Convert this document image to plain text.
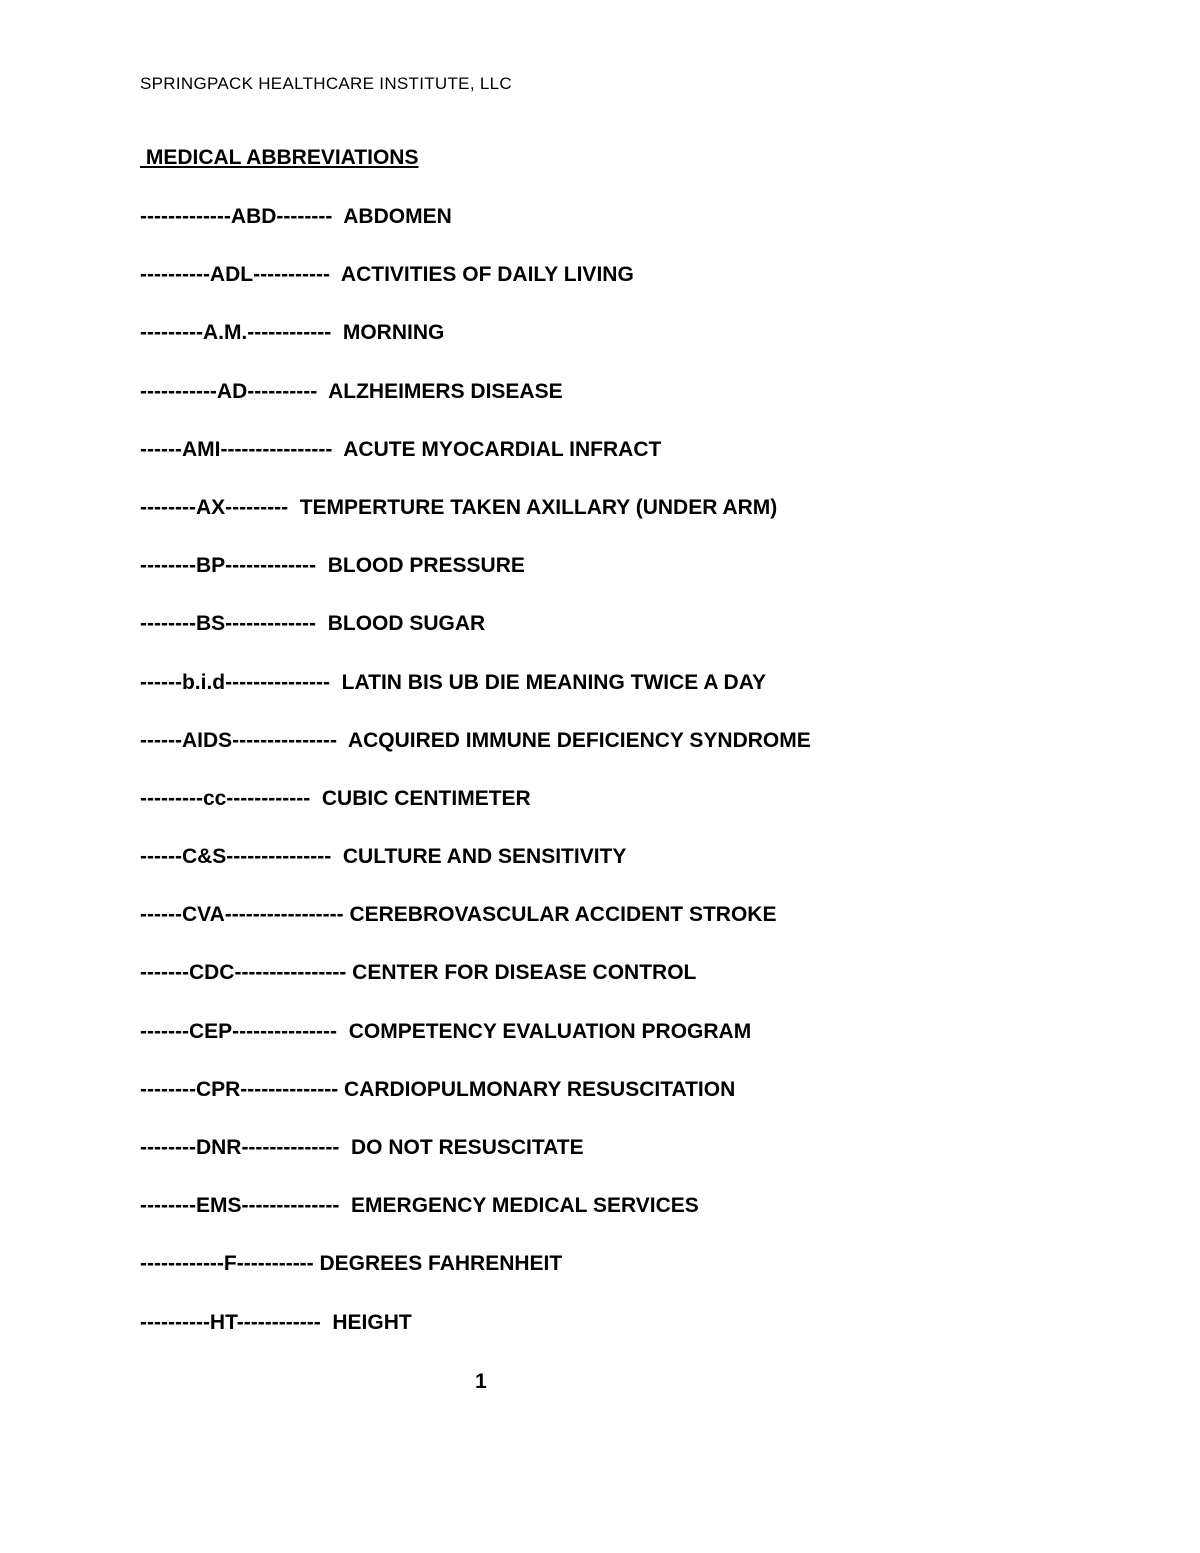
SPRINGPACK HEALTHCARE INSTITUTE, LLC
MEDICAL ABBREVIATIONS
-------------ABD--------  ABDOMEN
----------ADL-----------  ACTIVITIES OF DAILY LIVING
---------A.M.------------  MORNING
-----------AD----------  ALZHEIMERS DISEASE
------AMI----------------  ACUTE MYOCARDIAL INFRACT
--------AX---------  TEMPERTURE TAKEN AXILLARY (UNDER ARM)
--------BP-------------  BLOOD PRESSURE
--------BS-------------  BLOOD SUGAR
------b.i.d---------------  LATIN BIS UB DIE MEANING TWICE A DAY
------AIDS---------------  ACQUIRED IMMUNE DEFICIENCY SYNDROME
---------cc------------  CUBIC CENTIMETER
------C&S---------------  CULTURE AND SENSITIVITY
------CVA----------------- CEREBROVASCULAR ACCIDENT STROKE
-------CDC---------------- CENTER FOR DISEASE CONTROL
-------CEP---------------  COMPETENCY EVALUATION PROGRAM
--------CPR-------------- CARDIOPULMONARY RESUSCITATION
--------DNR--------------  DO NOT RESUSCITATE
--------EMS--------------  EMERGENCY MEDICAL SERVICES
------------F----------- DEGREES FAHRENHEIT
----------HT------------  HEIGHT
1
